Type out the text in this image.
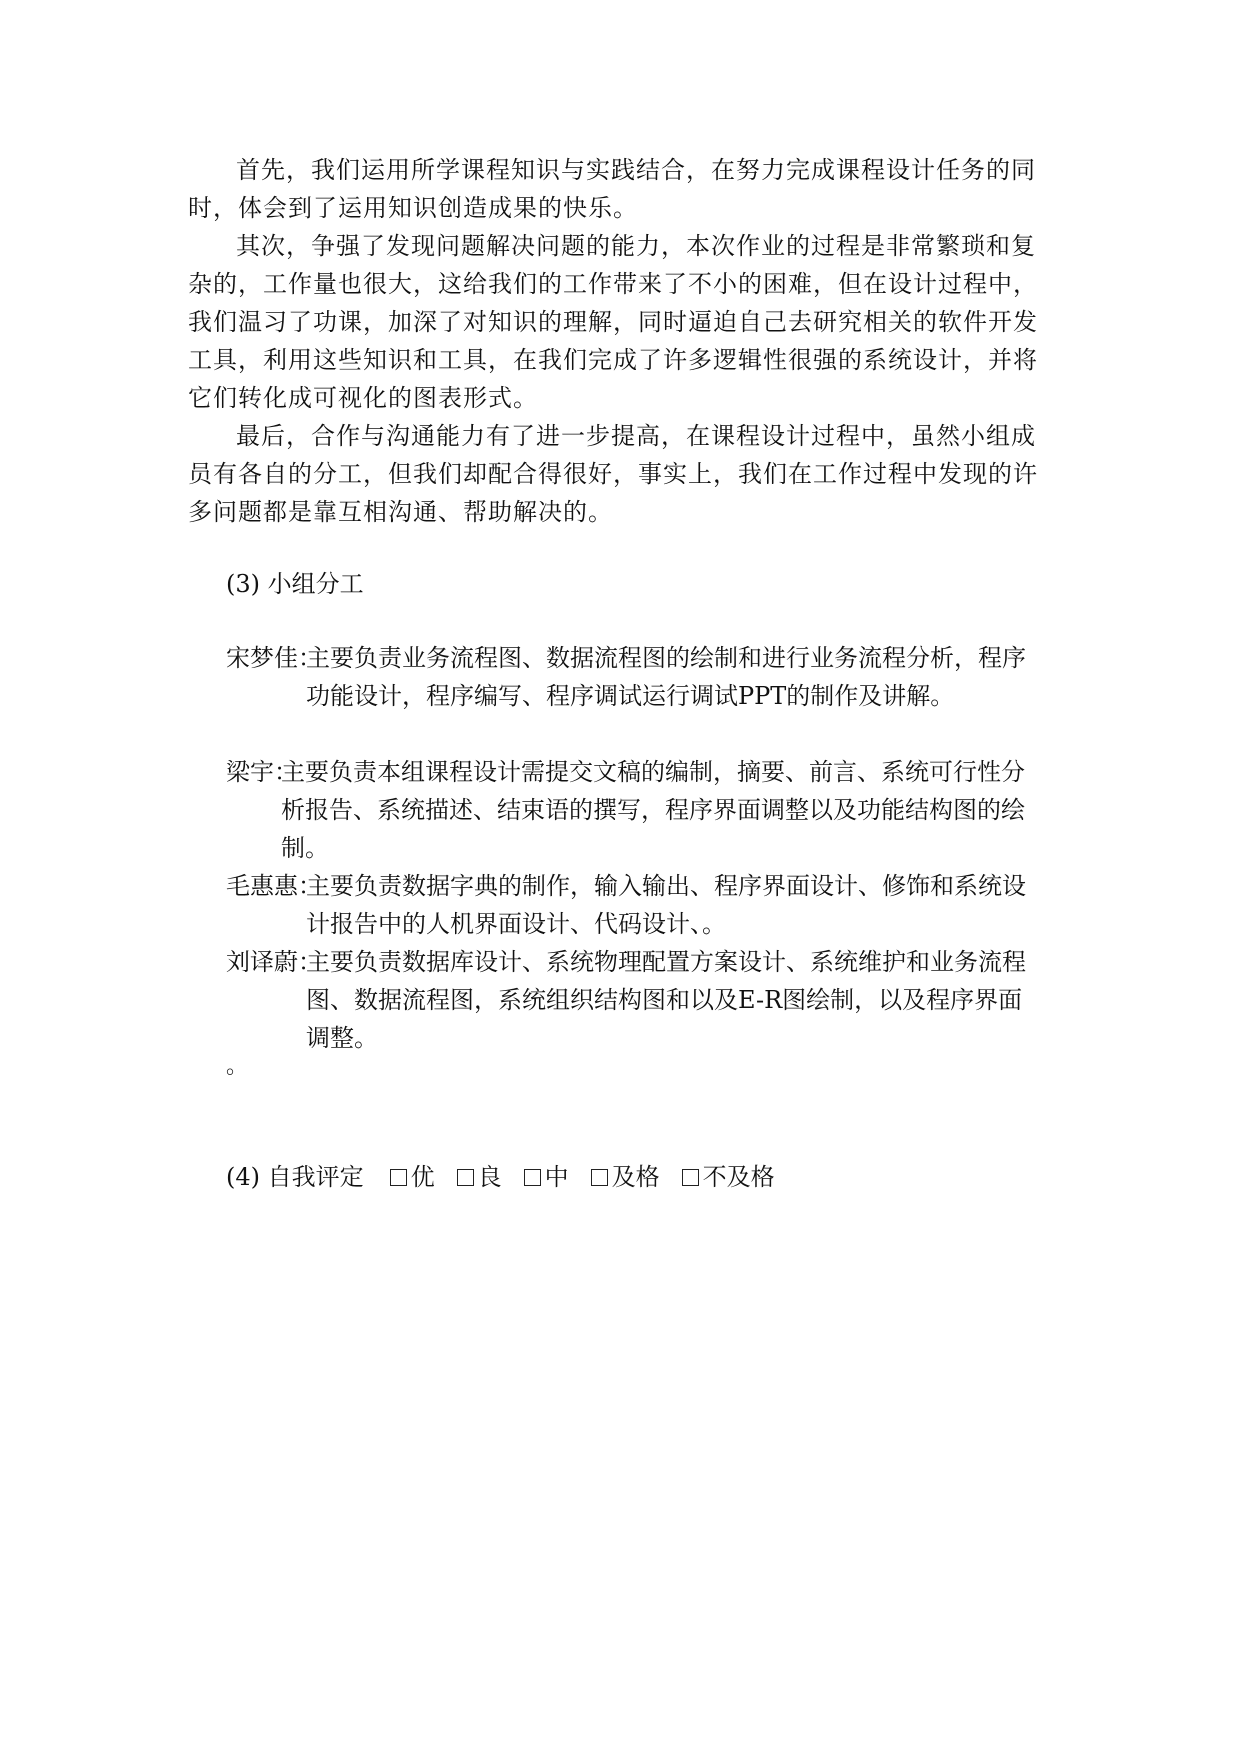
首先，我们运用所学课程知识与实践结合，在努力完成课程设计任务的同时，体会到了运用知识创造成果的快乐。

其次，争强了发现问题解决问题的能力，本次作业的过程是非常繁琐和复杂的，工作量也很大，这给我们的工作带来了不小的困难，但在设计过程中，我们温习了功课，加深了对知识的理解，同时逼迫自己去研究相关的软件开发工具，利用这些知识和工具，在我们完成了许多逻辑性很强的系统设计，并将它们转化成可视化的图表形式。

最后，合作与沟通能力有了进一步提高，在课程设计过程中，虽然小组成员有各自的分工，但我们却配合得很好，事实上，我们在工作过程中发现的许多问题都是靠互相沟通、帮助解决的。

(3) 小组分工

宋梦佳：

主要负责业务流程图、数据流程图的绘制和进行业务流程分析，程序功能设计，程序编写、程序调试运行调试PPT的制作及讲解。

梁宇：

主要负责本组课程设计需提交文稿的编制，摘要、前言、系统可行性分析报告、系统描述、结束语的撰写，程序界面调整以及功能结构图的绘制。

毛惠惠：

主要负责数据字典的制作，输入输出、程序界面设计、修饰和系统设计报告中的人机界面设计、代码设计、。

刘译蔚：

主要负责数据库设计、系统物理配置方案设计、系统维护和业务流程图、数据流程图，系统组织结构图和以及E-R图绘制，以及程序界面调整。

。
(4) 自我评定 优 良 中 及格 不及格
